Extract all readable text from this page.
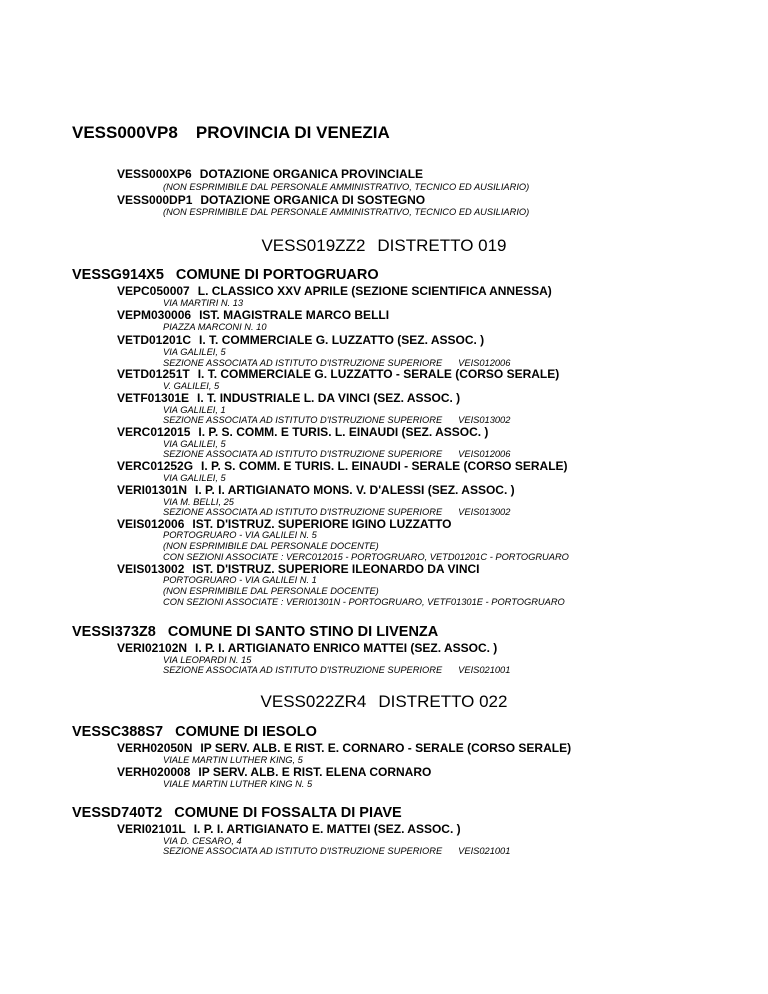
VESS000VP8 PROVINCIA DI VENEZIA
VESS000XP6 DOTAZIONE ORGANICA PROVINCIALE
(NON ESPRIMIBILE DAL PERSONALE AMMINISTRATIVO, TECNICO ED AUSILIARIO)
VESS000DP1 DOTAZIONE ORGANICA DI SOSTEGNO
(NON ESPRIMIBILE DAL PERSONALE AMMINISTRATIVO, TECNICO ED AUSILIARIO)
VESS019ZZ2 DISTRETTO 019
VESSG914X5 COMUNE DI PORTOGRUARO
VEPC050007 L. CLASSICO XXV APRILE (SEZIONE SCIENTIFICA ANNESSA)
VIA MARTIRI N. 13
VEPM030006 IST. MAGISTRALE MARCO BELLI
PIAZZA MARCONI N. 10
VETD01201C I. T. COMMERCIALE G. LUZZATTO (SEZ. ASSOC. )
VIA GALILEI, 5
SEZIONE ASSOCIATA AD ISTITUTO D'ISTRUZIONE SUPERIORE VEIS012006
VETD01251T I. T. COMMERCIALE G. LUZZATTO - SERALE (CORSO SERALE)
V. GALILEI, 5
VETF01301E I. T. INDUSTRIALE L. DA VINCI (SEZ. ASSOC. )
VIA GALILEI, 1
SEZIONE ASSOCIATA AD ISTITUTO D'ISTRUZIONE SUPERIORE VEIS013002
VERC012015 I. P. S. COMM. E TURIS. L. EINAUDI (SEZ. ASSOC. )
VIA GALILEI, 5
SEZIONE ASSOCIATA AD ISTITUTO D'ISTRUZIONE SUPERIORE VEIS012006
VERC01252G I. P. S. COMM. E TURIS. L. EINAUDI - SERALE (CORSO SERALE)
VIA GALILEI, 5
VERI01301N I. P. I. ARTIGIANATO MONS. V. D'ALESSI (SEZ. ASSOC. )
VIA M. BELLI, 25
SEZIONE ASSOCIATA AD ISTITUTO D'ISTRUZIONE SUPERIORE VEIS013002
VEIS012006 IST. D'ISTRUZ. SUPERIORE IGINO LUZZATTO
PORTOGRUARO - VIA GALILEI N. 5
(NON ESPRIMIBILE DAL PERSONALE DOCENTE)
CON SEZIONI ASSOCIATE : VERC012015 - PORTOGRUARO, VETD01201C - PORTOGRUARO
VEIS013002 IST. D'ISTRUZ. SUPERIORE ILEONARDO DA VINCI
PORTOGRUARO - VIA GALILEI N. 1
(NON ESPRIMIBILE DAL PERSONALE DOCENTE)
CON SEZIONI ASSOCIATE : VERI01301N - PORTOGRUARO, VETF01301E - PORTOGRUARO
VESSI373Z8 COMUNE DI SANTO STINO DI LIVENZA
VERI02102N I. P. I. ARTIGIANATO ENRICO MATTEI (SEZ. ASSOC. )
VIA LEOPARDI N. 15
SEZIONE ASSOCIATA AD ISTITUTO D'ISTRUZIONE SUPERIORE VEIS021001
VESS022ZR4 DISTRETTO 022
VESSC388S7 COMUNE DI IESOLO
VERH02050N IP SERV. ALB. E RIST. E. CORNARO - SERALE (CORSO SERALE)
VIALE MARTIN LUTHER KING, 5
VERH020008 IP SERV. ALB. E RIST. ELENA CORNARO
VIALE MARTIN LUTHER KING N. 5
VESSD740T2 COMUNE DI FOSSALTA DI PIAVE
VERI02101L I. P. I. ARTIGIANATO E. MATTEI (SEZ. ASSOC. )
VIA D. CESARO, 4
SEZIONE ASSOCIATA AD ISTITUTO D'ISTRUZIONE SUPERIORE VEIS021001
